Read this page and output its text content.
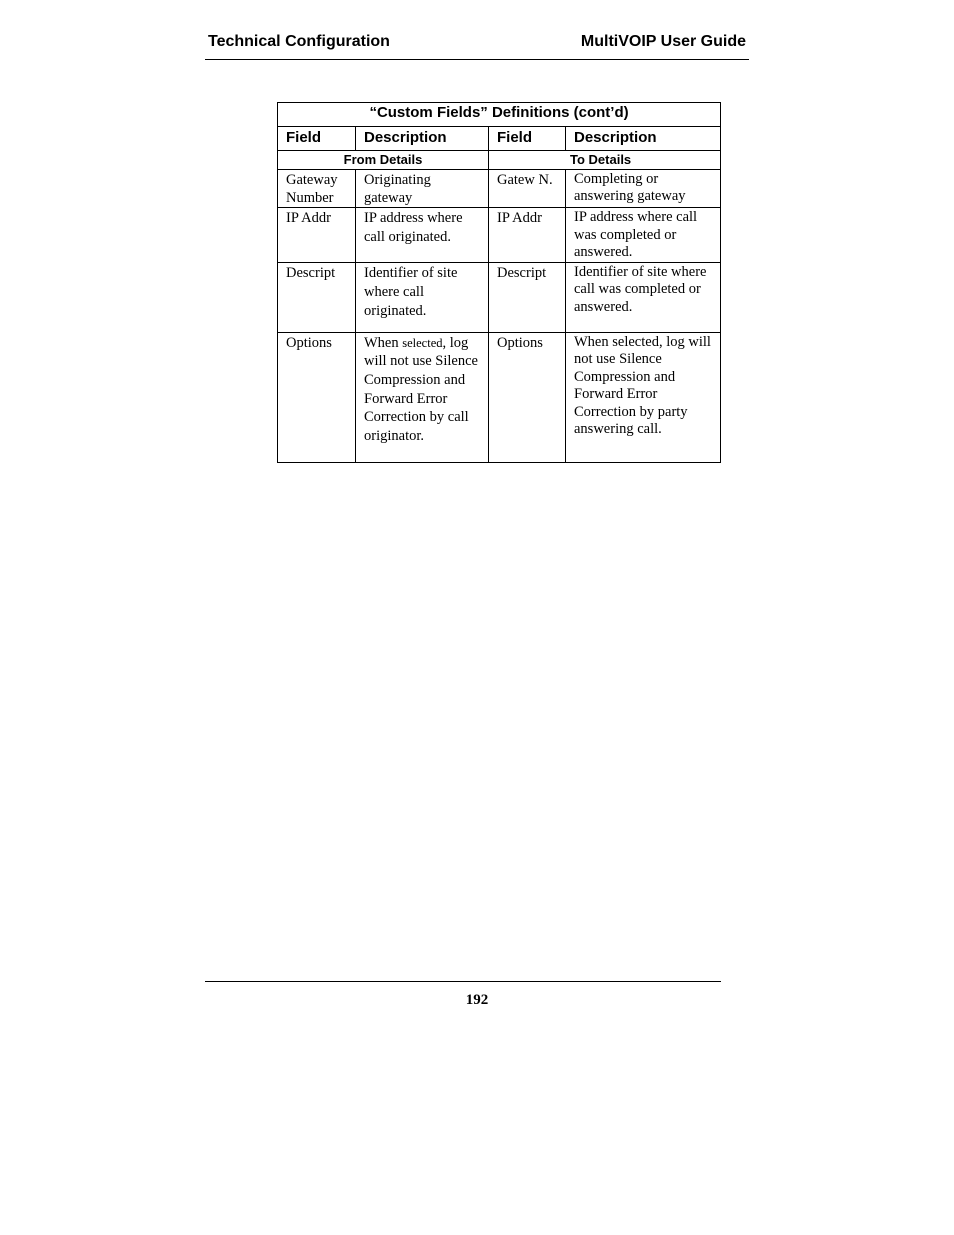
Technical Configuration	MultiVOIP User Guide
“Custom Fields” Definitions (cont’d)			
Field	Description	Field	Description
From Details		To Details	
Gateway Number	Originating gateway	Gatew N.	Completing or answering gateway
IP Addr	IP address where call originated.	IP Addr	IP address where call was completed or answered.
Descript	Identifier of site where call originated.	Descript	Identifier of site where call was completed or answered.
Options	When selected, log will not use Silence Compression and Forward Error Correction by call originator.	Options	When selected, log will not use Silence Compression and Forward Error Correction by party answering call.
192
